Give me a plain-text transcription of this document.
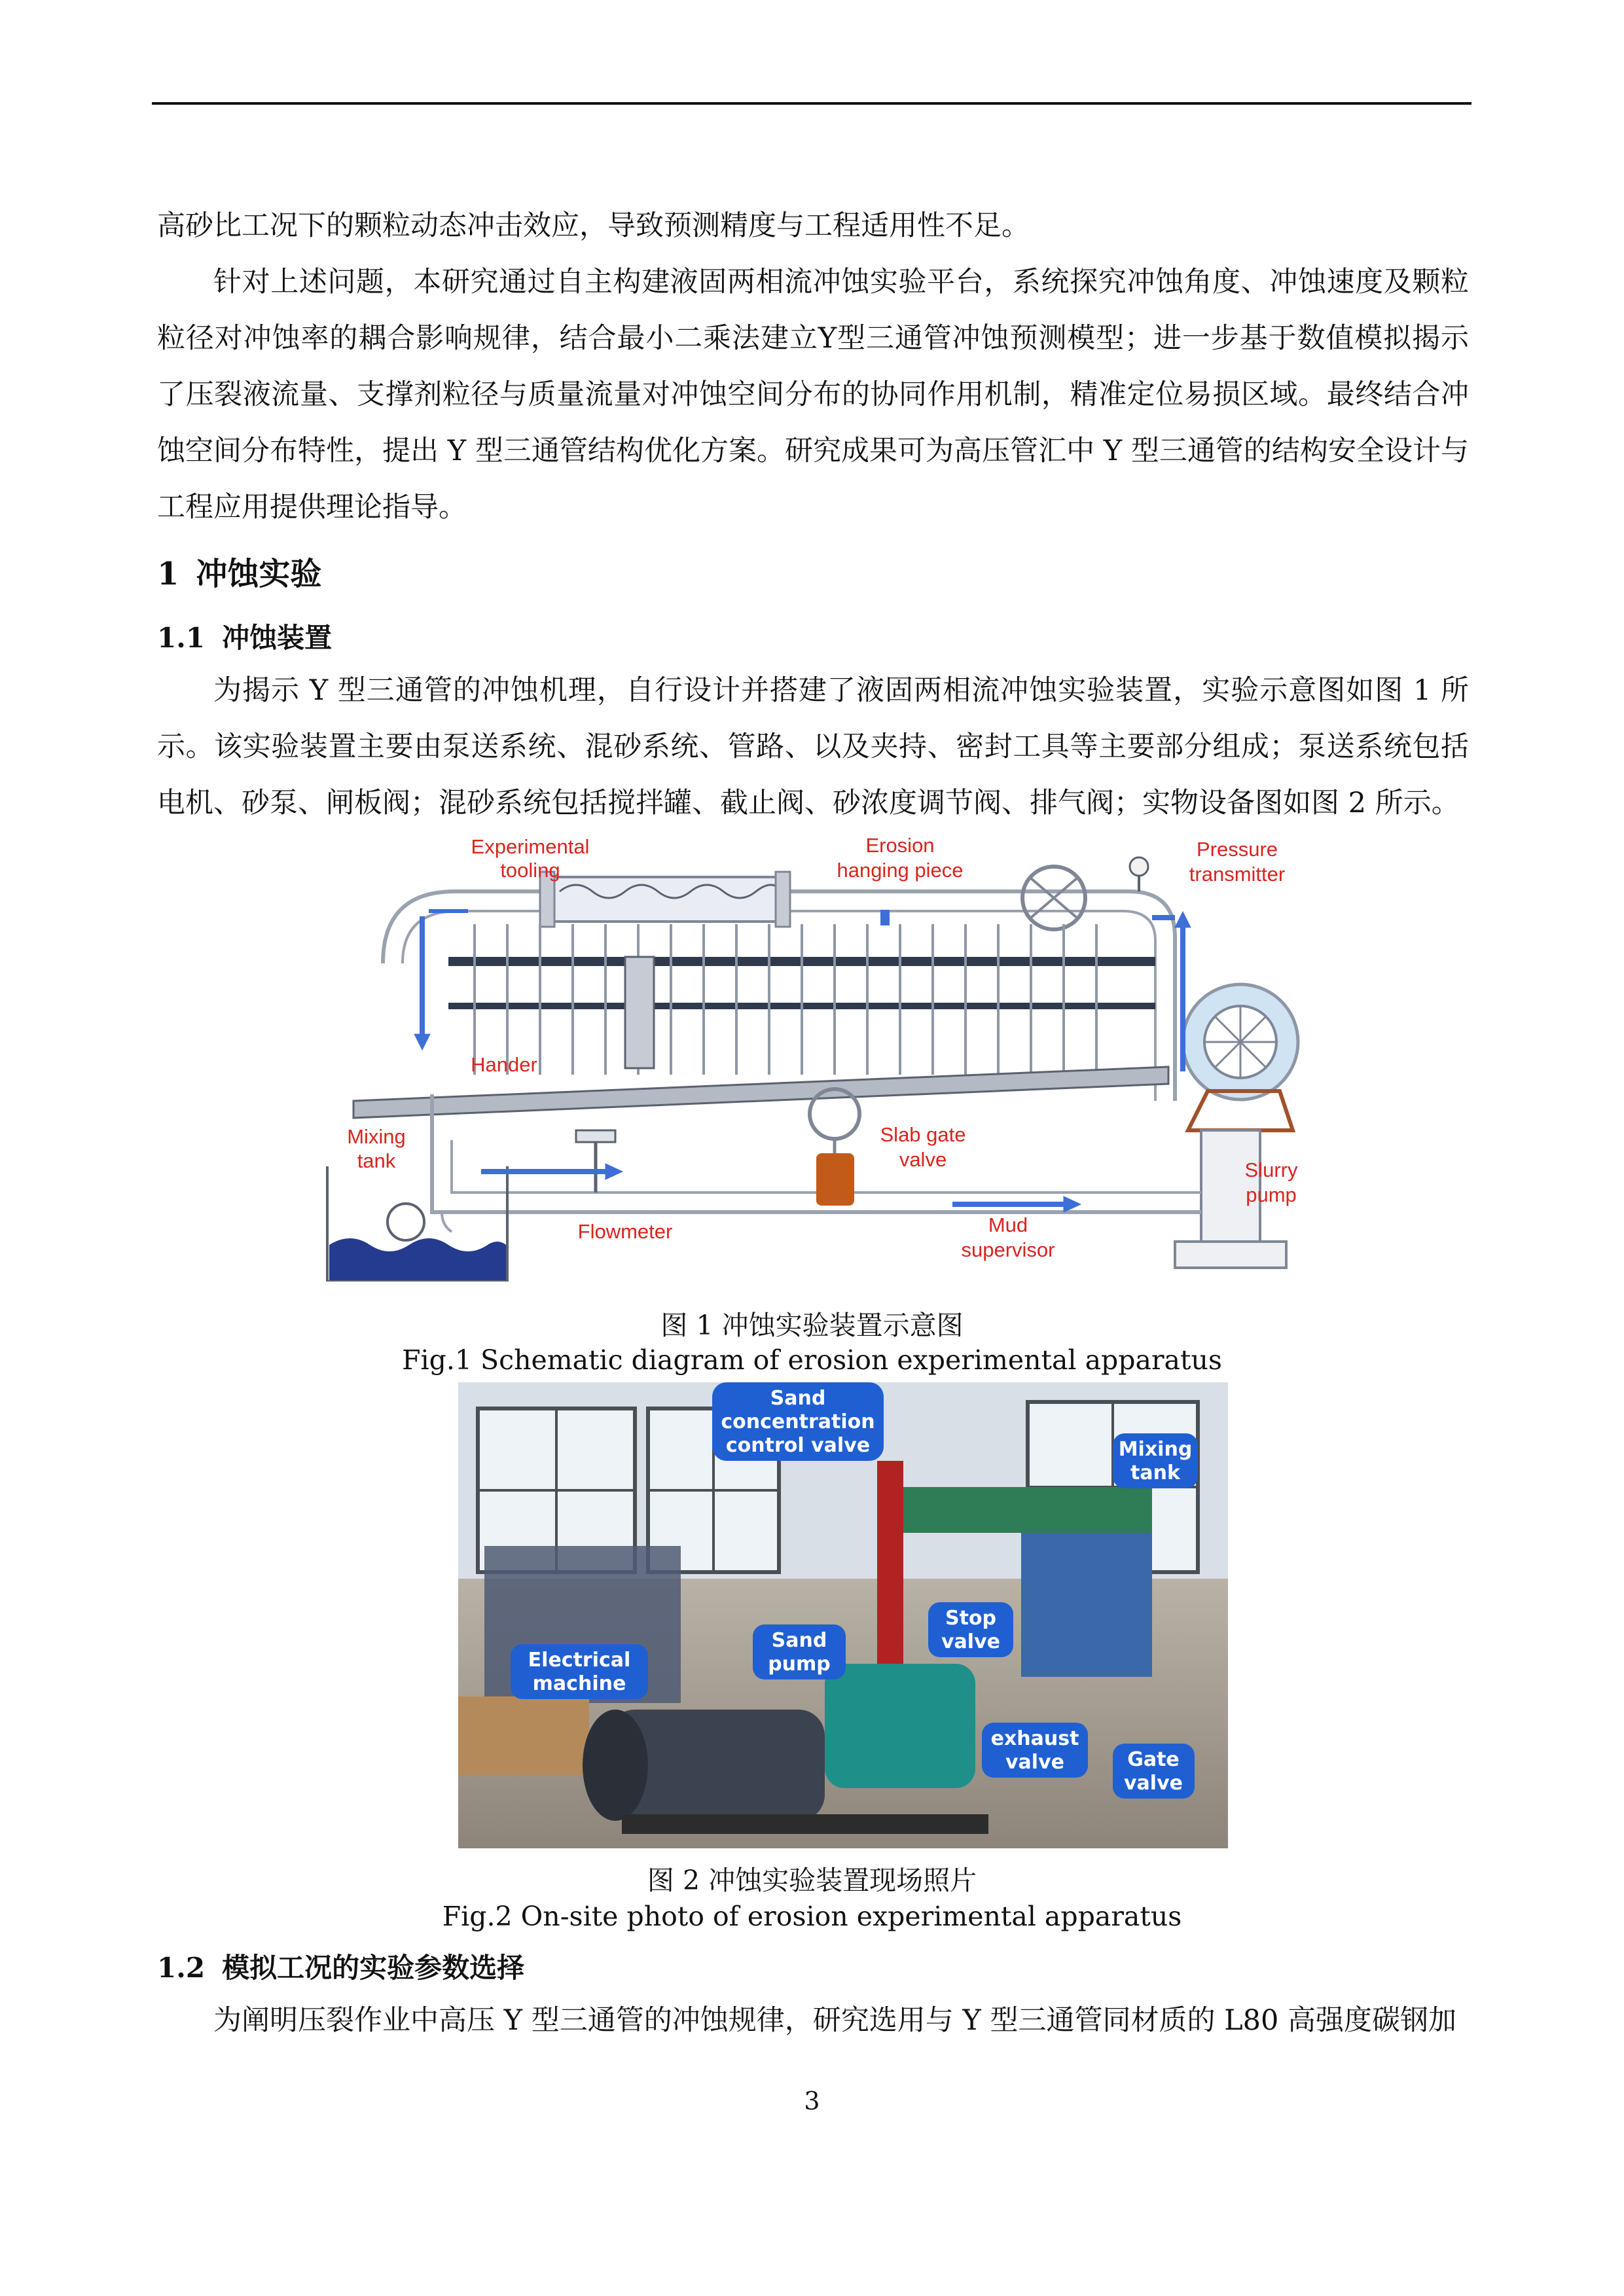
高砂比工况下的颗粒动态冲击效应，导致预测精度与工程适用性不足。

针对上述问题，本研究通过自主构建液固两相流冲蚀实验平台，系统探究冲蚀角度、冲蚀速度及颗粒粒径对冲蚀率的耦合影响规律，结合最小二乘法建立Y型三通管冲蚀预测模型；进一步基于数值模拟揭示了压裂液流量、支撑剂粒径与质量流量对冲蚀空间分布的协同作用机制，精准定位易损区域。最终结合冲蚀空间分布特性，提出 Y 型三通管结构优化方案。研究成果可为高压管汇中 Y 型三通管的结构安全设计与工程应用提供理论指导。

1 冲蚀实验
1.1 冲蚀装置

为揭示 Y 型三通管的冲蚀机理，自行设计并搭建了液固两相流冲蚀实验装置，实验示意图如图 1 所示。该实验装置主要由泵送系统、混砂系统、管路、以及夹持、密封工具等主要部分组成；泵送系统包括电机、砂泵、闸板阀；混砂系统包括搅拌罐、截止阀、砂浓度调节阀、排气阀；实物设备图如图 2 所示。

Experimental
tooling
Erosion
hanging piece
Pressure
transmitter
Hander
Mixing
tank
Slab gate
valve	Slurry
pump
Flowmeter	Mud
supervisor

图 1 冲蚀实验装置示意图

Fig.1 Schematic diagram of erosion experimental apparatus

Sand
concentration
control valve	Mixing
tank
Electrical
machine
Sand
pump
Stop
valve
exhaust
valve	Gate
valve

图 2 冲蚀实验装置现场照片

Fig.2 On-site photo of erosion experimental apparatus

1.2 模拟工况的实验参数选择

为阐明压裂作业中高压 Y 型三通管的冲蚀规律，研究选用与 Y 型三通管同材质的 L80 高强度碳钢加

3
